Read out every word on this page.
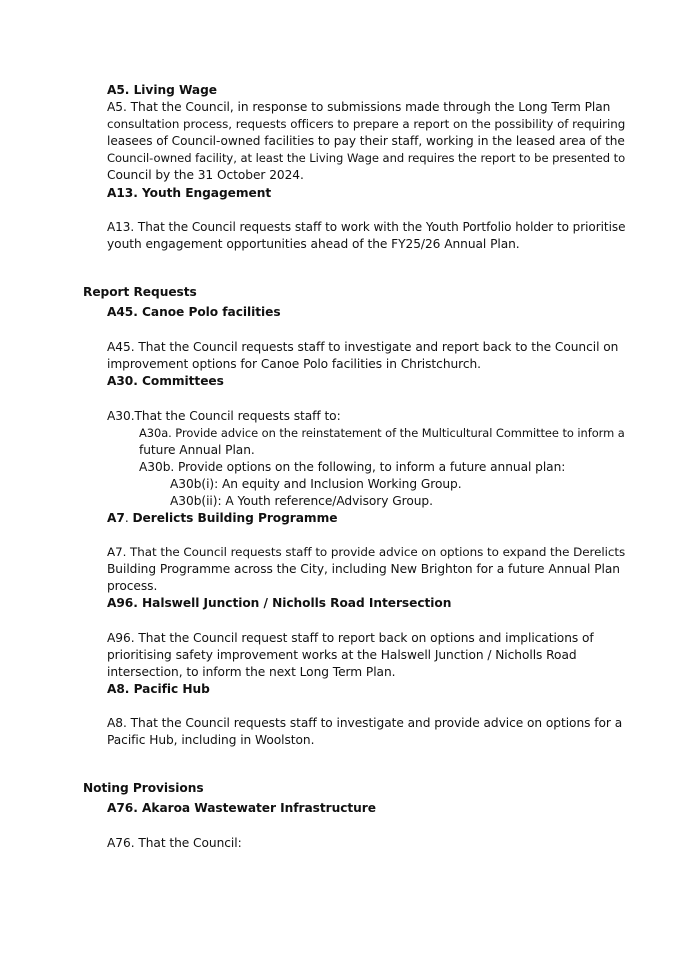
A5. Living Wage
A5. That the Council, in response to submissions made through the Long Term Plan
consultation process, requests officers to prepare a report on the possibility of requiring
leasees of Council-owned facilities to pay their staff, working in the leased area of the
Council-owned facility, at least the Living Wage and requires the report to be presented to
Council by the 31 October 2024.
A13. Youth Engagement
A13. That the Council requests staff to work with the Youth Portfolio holder to prioritise
youth engagement opportunities ahead of the FY25/26 Annual Plan.
Report Requests
A45. Canoe Polo facilities
A45. That the Council requests staff to investigate and report back to the Council on
improvement options for Canoe Polo facilities in Christchurch.
A30. Committees
A30.That the Council requests staff to:
A30a. Provide advice on the reinstatement of the Multicultural Committee to inform a
future Annual Plan.
A30b. Provide options on the following, to inform a future annual plan:
A30b(i): An equity and Inclusion Working Group.
A30b(ii): A Youth reference/Advisory Group.
A7. Derelicts Building Programme
A7. That the Council requests staff to provide advice on options to expand the Derelicts
Building Programme across the City, including New Brighton for a future Annual Plan
process.
A96. Halswell Junction / Nicholls Road Intersection
A96. That the Council request staff to report back on options and implications of
prioritising safety improvement works at the Halswell Junction / Nicholls Road
intersection, to inform the next Long Term Plan.
A8. Pacific Hub
A8. That the Council requests staff to investigate and provide advice on options for a
Pacific Hub, including in Woolston.
Noting Provisions
A76. Akaroa Wastewater Infrastructure
A76. That the Council:
